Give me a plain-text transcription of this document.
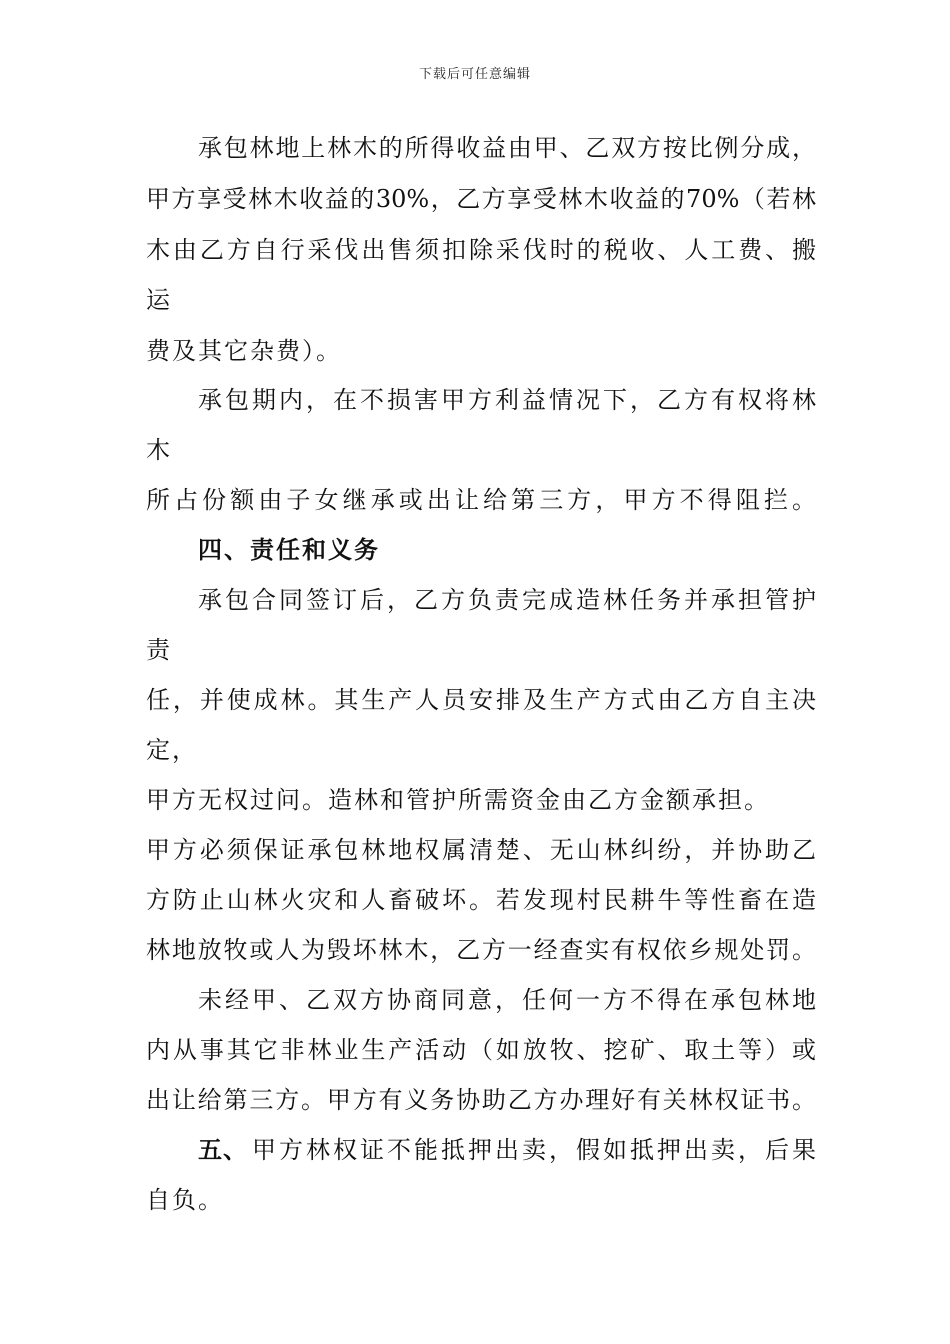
下载后可任意编辑
承包林地上林木的所得收益由甲、乙双方按比例分成，
甲方享受林木收益的30%，乙方享受林木收益的70%（若林
木由乙方自行采伐出售须扣除采伐时的税收、人工费、搬
运
费及其它杂费）。
承包期内，在不损害甲方利益情况下，乙方有权将林
木
所占份额由子女继承或出让给第三方，甲方不得阻拦。
四、责任和义务
承包合同签订后，乙方负责完成造林任务并承担管护
责
任，并使成林。其生产人员安排及生产方式由乙方自主决
定，
甲方无权过问。造林和管护所需资金由乙方金额承担。
甲方必须保证承包林地权属清楚、无山林纠纷，并协助乙
方防止山林火灾和人畜破坏。若发现村民耕牛等性畜在造
林地放牧或人为毁坏林木，乙方一经查实有权依乡规处罚。
未经甲、乙双方协商同意，任何一方不得在承包林地
内从事其它非林业生产活动（如放牧、挖矿、取土等）或
出让给第三方。甲方有义务协助乙方办理好有关林权证书。
五、 甲方林权证不能抵押出卖，假如抵押出卖，后果
自负。
